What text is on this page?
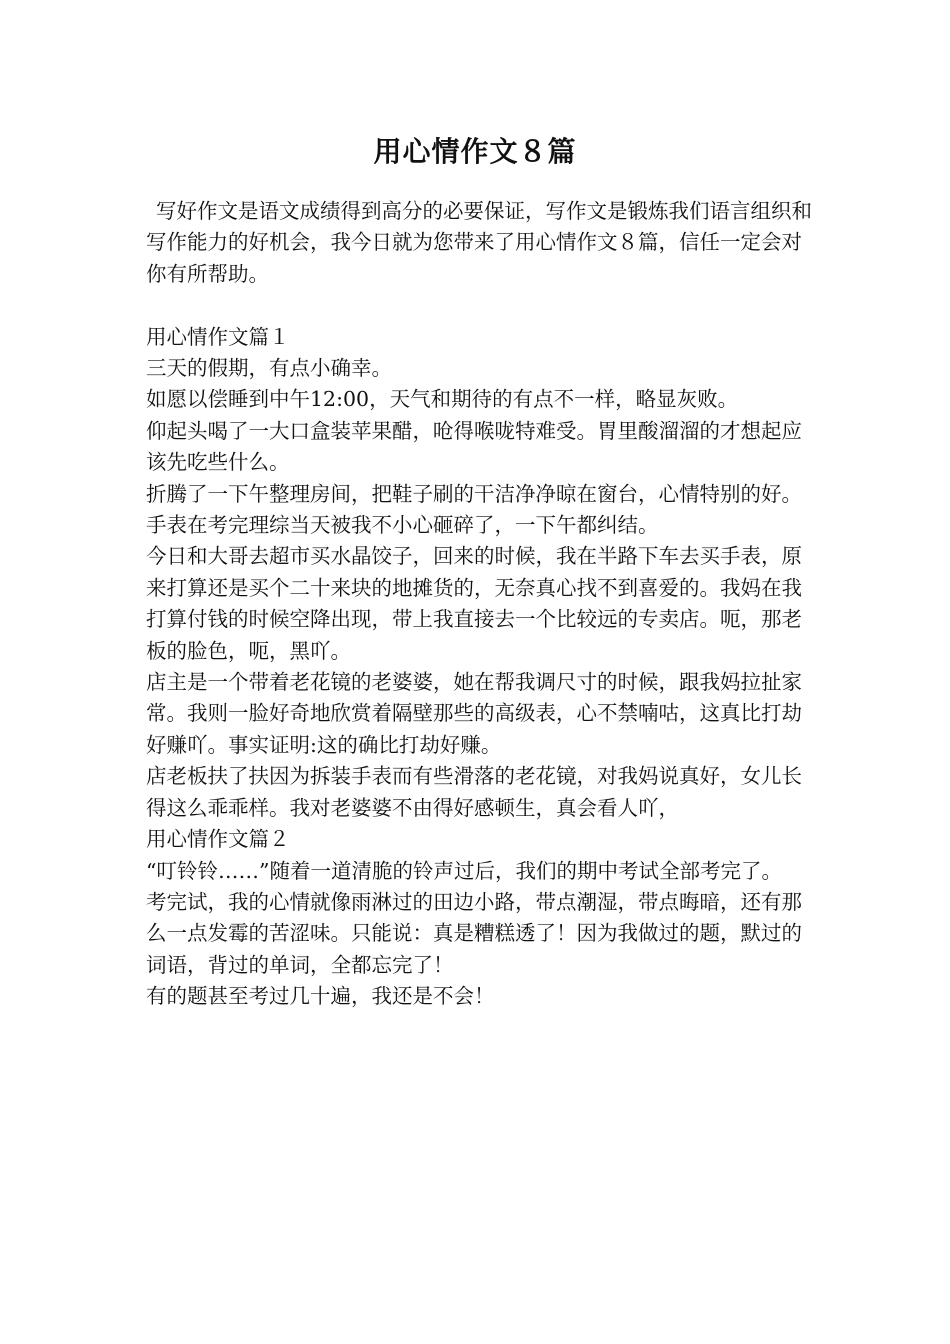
用心情作文８篇

写好作文是语文成绩得到高分的必要保证，写作文是锻炼我们语言组织和写作能力的好机会，我今日就为您带来了用心情作文８篇，信任一定会对你有所帮助。

用心情作文篇１

三天的假期，有点小确幸。

如愿以偿睡到中午12:00，天气和期待的有点不一样，略显灰败。

仰起头喝了一大口盒装苹果醋，呛得喉咙特难受。胃里酸溜溜的才想起应该先吃些什么。

折腾了一下午整理房间，把鞋子刷的干洁净净晾在窗台，心情特别的好。

手表在考完理综当天被我不小心砸碎了，一下午都纠结。

今日和大哥去超市买水晶饺子，回来的时候，我在半路下车去买手表，原来打算还是买个二十来块的地摊货的，无奈真心找不到喜爱的。我妈在我打算付钱的时候空降出现，带上我直接去一个比较远的专卖店。呃，那老板的脸色，呃，黑吖。

店主是一个带着老花镜的老婆婆，她在帮我调尺寸的时候，跟我妈拉扯家常。我则一脸好奇地欣赏着隔壁那些的高级表，心不禁喃咕，这真比打劫好赚吖。事实证明:这的确比打劫好赚。

店老板扶了扶因为拆装手表而有些滑落的老花镜，对我妈说真好，女儿长得这么乖乖样。我对老婆婆不由得好感顿生，真会看人吖，

用心情作文篇２

“叮铃铃……”随着一道清脆的铃声过后，我们的期中考试全部考完了。

考完试，我的心情就像雨淋过的田边小路，带点潮湿，带点晦暗，还有那么一点发霉的苦涩味。只能说：真是糟糕透了！因为我做过的题，默过的词语，背过的单词，全都忘完了！

有的题甚至考过几十遍，我还是不会！
